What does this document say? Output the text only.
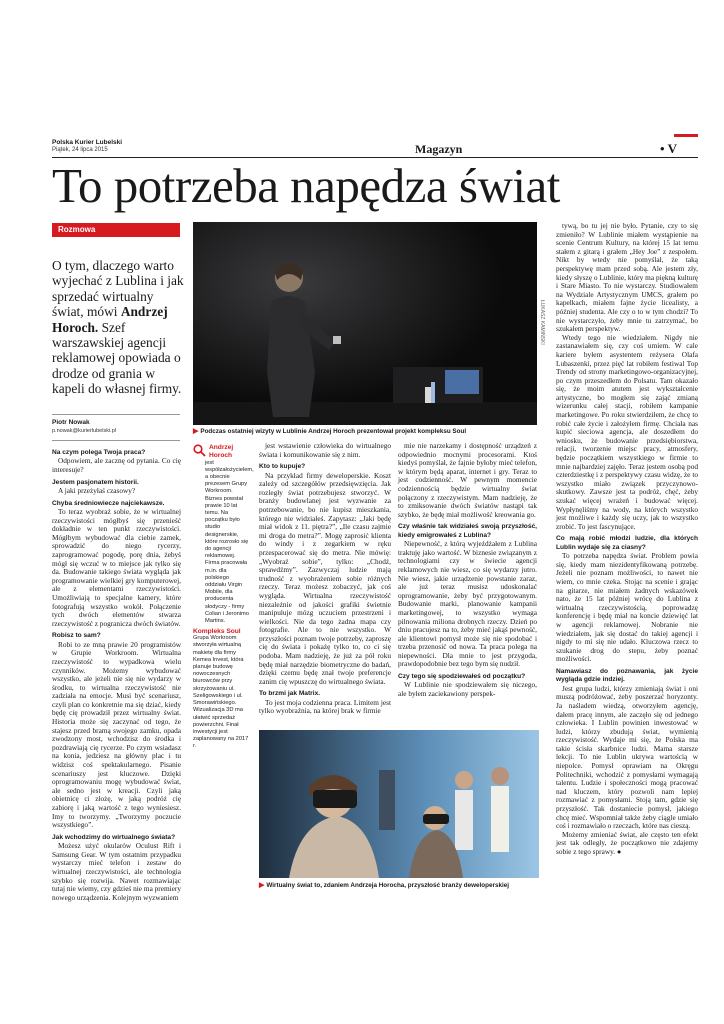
Polska Kurier Lubelski
Piątek, 24 lipca 2015	Magazyn	• V
To potrzeba napędza świat
Rozmowa
O tym, dlaczego warto wyjechać z Lublina i jak sprzedać wirtualny świat, mówi Andrzej Horoch. Szef warszawskiej agencji reklamowej opowiada o drodze od grania w kapeli do własnej firmy.
Piotr Nowak
p.nowak@kurierlubelski.pl
ŁUKASZ KAMIŃSKI
▶ Podczas ostatniej wizyty w Lublinie Andrzej Horoch prezentował projekt kompleksu Soul
Andrzej
Horoch
jest współzałożycielem, a obecnie prezesem Grupy Workroom. Biznes powstał prawie 10 lat temu. Na początku było studio designerskie, które rozrosło się do agencji reklamowej. Firma pracowała m.in. dla polskiego oddziału Virgin Mobile, dla producenta słodyczy - firmy Colian i Jeronimo Martins.
Kompleks Soul
Grupa Workroom stworzyła wirtualną makietę dla firmy Kemea Invest, która planuje budowę nowoczesnych biurowców przy skrzyżowaniu ul. Szeligowskiego i ul. Smorawińskiego. Wizualizacja 3D ma ułatwić sprzedaż powierzchni. Finał inwestycji jest zaplanowany na 2017 r.
Na czym polega Twoja praca?

Odpowiem, ale zacznę od pytania. Co cię interesuje?

Jestem pasjonatem historii.

A jaki przeżyłaś czasowy?

Chyba średniowiecze najciekawsze.

To teraz wyobraź sobie, że w wirtualnej rzeczywistości mógłbyś się przenieść dokładnie w ten punkt rzeczywistości. Mógłbym wybudować dla ciebie zamek, sprowadzić do niego rycerzy, zaprogramować pogodę, porę dnia, żebyś mógł się wczuć w to miejsce jak tylko się da. Budowanie takiego świata wygląda jak programowanie wielkiej gry komputerowej, ale z elementami rzeczywistości. Umożliwiają to specjalne kamery, które fotografują wszystko wokół. Połączenie tych dwóch elementów stwarza rzeczywistość z pogranicza dwóch światów.

Robisz to sam?

Robi to ze mną prawie 20 programistów w Grupie Workroom. Wirtualna rzeczywistość to wypadkowa wielu czynników. Możemy wybudować wszystko, ale jeżeli nie się nie wydarzy w środku, to wirtualna rzeczywistość nie zadziała na emocje. Musi być scenariusz, czyli plan co konkretnie ma się dziać, kiedy będę cię prowadził przez wirtualny świat. Historia może się zaczynać od tego, że stajesz przed bramą swojego zamku, opada zwodzony most, wchodzisz do środka i pozdrawiają cię rycerze. Po czym wsiadasz na konia, jedziesz na główny plac i tu widzisz coś spektakularnego. Pisanie scenariuszy jest kluczowe. Dzięki oprogramowaniu mogę wybudować świat, ale sedno jest w kreacji. Czyli jaką obietnicę ci złożę, w jaką podróż cię zabiorę i jaką wartość z tego wyniesiesz. Imy to tworzymy. „Tworzymy poczucie wszystkiego”.

Jak wchodzimy do wirtualnego świata?

Możesz użyć okularów Oculust Rift i Samsung Gear. W tym ostatnim przypadku wystarczy mieć telefon i zestaw do wirtualnej rzeczywistości, ale technologia szybko się rozwija. Nawet rozmawiając tutaj nie wiemy, czy gdzieś nie ma premiery nowego urządzenia. Kolejnym wyzwaniem

jest wstawienie człowieka do wirtualnego świata i komunikowanie się z nim.

Kto to kupuje?

Na przykład firmy deweloperskie. Koszt zależy od szczegółów przedsięwzięcia. Jak rozległy świat potrzebujesz stworzyć. W branży budowlanej jest wyzwanie za potrzebowanie, bo nie kupisz mieszkania, którego nie widziałeś. Zapytasz: „Jaki będę miał widok z 11. piętra?”, „Ile czasu zajmie mi droga do metra?”. Mogę zaprosić klienta do windy i z zegarkiem w ręku przespacerować się do metra. Nie mówię: „Wyobraź sobie”, tylko: „Chodź, sprawdźmy”. Zazwyczaj ludzie mają trudność z wyobrażeniem sobie różnych rzeczy. Teraz możesz zobaczyć, jak coś wygląda. Wirtualna rzeczywistość niezależnie od jakości grafiki świetnie manipuluje mózg uczuciem przestrzeni i wielkości. Nie da tego żadna mapa czy fotografie. Ale to nie wszystko. W przyszłości poznam twoje potrzeby, zaproszę cię do świata i pokażę tylko to, co ci się podoba. Mam nadzieję, że już za pół roku będę miał narzędzie biometryczne do badań, dzięki czemu będę znał twoje preferencje zanim cię wpuszczę do wirtualnego świata.

To brzmi jak Matrix.

To jest moja codzienna praca. Limitem jest tylko wyobraźnia, na której brak w firmie

mie nie narzekamy i dostępność urządzeń z odpowiednio mocnymi procesorami. Ktoś kiedyś pomyślał, że fajnie byłoby mieć telefon, w którym będą aparat, internet i gry. Teraz to jest codzienność. W pewnym momencie codziennością będzie wirtualny świat połączony z rzeczywistym. Mam nadzieję, że to zmiksowanie dwóch światów nastąpi tak szybko, że będę miał możliwość kreowania go.

Czy właśnie tak widziałeś swoją przyszłość, kiedy emigrowałeś z Lublina?

Niepewność, z którą wyjeżdżałem z Lublina traktuję jako wartość. W biznesie związanym z technologiami czy w świecie agencji reklamowych nie wiesz, co się wydarzy jutro. Nie wiesz, jakie urządzenie powstanie zaraz, ale już teraz musisz udoskonalać oprogramowanie, żeby być przygotowanym. Budowanie marki, planowanie kampanii marketingowej, to wszystko wymaga pilnowania miliona drobnych rzeczy. Dzień po dniu pracujesz na to, żeby mieć jakąś pewność, ale klientowi pomysł może się nie spodobać i trzeba przenosić od nowa. Ta praca polega na niepewności. Dla mnie to jest przygoda, prawdopodobnie bez tego bym się nudził.

Czy tego się spodziewałeś od początku?

W Lublinie nie spodziewałem się niczego, ale byłem zaciekawiony perspek-

tywą, bo tu jej nie było. Pytanie, czy to się zmieniło? W Lublinie miałem wystąpienie na scenie Centrum Kultury, na której 15 lat temu stałem z gitarą i grałem „Hey Joe” z zespołem. Nikt by wtedy nie pomyślał, że taką perspektywę mam przed sobą. Ale jestem zły, kiedy słyszę o Lublinie, który ma piękną kulturę i Stare Miasto. To nie wystarczy. Studiowałem na Wydziale Artystycznym UMCS, grałem po kapelkach, miałem fajne życie licealisty, a później studenta. Ale czy o to w tym chodzi? To nie wystarczyło, żeby mnie tu zatrzymać, bo szukałem perspektyw.

Wtedy tego nie wiedziałem. Nigdy nie zastanawiałem się, czy coś umiem. W cale kariere byłem asystentem reżysera Olafa Lubaszenki, przez pięć lat robiłem festiwal Top Trendy od strony marketingowo-organizacyjnej, po czym przeszedłem do Polsatu. Tam okazało się, że moim atutem jest wykształcenie artystyczne, bo mogłem się zająć zmianą wizerunku całej stacji, robiłem kampanie marketingowe. Po roku stwierdziłem, że chcę to robić całe życie i założyłem firmę. Chciała nas kupić sieciowa agencja, ale doszedłem do wniosku, że budowanie przedsiębiorstwa, relacji, tworzenie miejsc pracy, atmosfery, będzie początkiem wszystkiego w firmie to mnie najbardziej zajęło. Teraz jestem osobą pod czterdziestkę i z perspektywy czasu widzę, że to wszystko miało związek przyczynowo-skutkowy. Zawsze jest ta podróż, chęć, żeby szukać więcej wrażeń i budować więcej. Wypłynęliśmy na wody, na których wszystko jest możliwe i każdy się uczy, jak to wszystko zrobić. To jest fascynujące.

Co mają robić młodzi ludzie, dla których Lublin wydaje się za ciasny?

To potrzeba napędza świat. Problem powia się, kiedy mam niezidentyfikowaną potrzebę. Jeżeli nie poznam możliwości, to nawet nie wiem, co mnie czeka. Stojąc na scenie i grając na gitarze, nie miałem żadnych wskazówek nato, że 15 lat później wrócę do Lublina z wirtualną rzeczywistością, poprowadzę konferencję i będę miał na koncie dziewięć lat w agencji reklamowej. Nobranie nie wiedziałem, jak się dostać do takiej agencji i nigdy to mi się nie udało. Kluczowa rzecz to szukanie drog do stepu, żeby poznać możliwości.

Namawiasz do poznawania, jak życie wygląda gdzie indziej.

Jest grupa ludzi, którzy zmieniają świat i oni muszą podróżować, żeby poszerzać horyzonty. Ja naśladem wiedzą, otworzyłem agencję, dałem pracę innym, ale zaczęło się od jednego człowieka. I Lublin powinien inwestować w ludzi, którzy zbudują świat, wymienią rzeczywistość. Wydaje mi się, że Polska ma takie ścisła skarbnice ludzi. Mama starsze lekcji. To nie Lublin ukrywa wartością w niepolce. Pomysł oprawiam na Okręgu Politechniki, wchodzić z pomysłami wymagają talentu. Ludzie i społeczności mogą pracować nad kluczem, który pozwoli nam lepiej rozmawiać z pomysłami. Stoją tam, gdzie się przyszłość. Tak dostaniecie pomysł, jakiego chcę mieć. Wspomniał także żeby ciągle umiało coś i rozmawiało o rzeczach, które nas cieszą.

Możemy zmieniać świat, ale często ten efekt jest tak odległy, że początkowo nie zdajemy sobie z tego sprawy. ●

▶ Wirtualny świat to, zdaniem Andrzeja Horocha, przyszłość branży deweloperskiej
